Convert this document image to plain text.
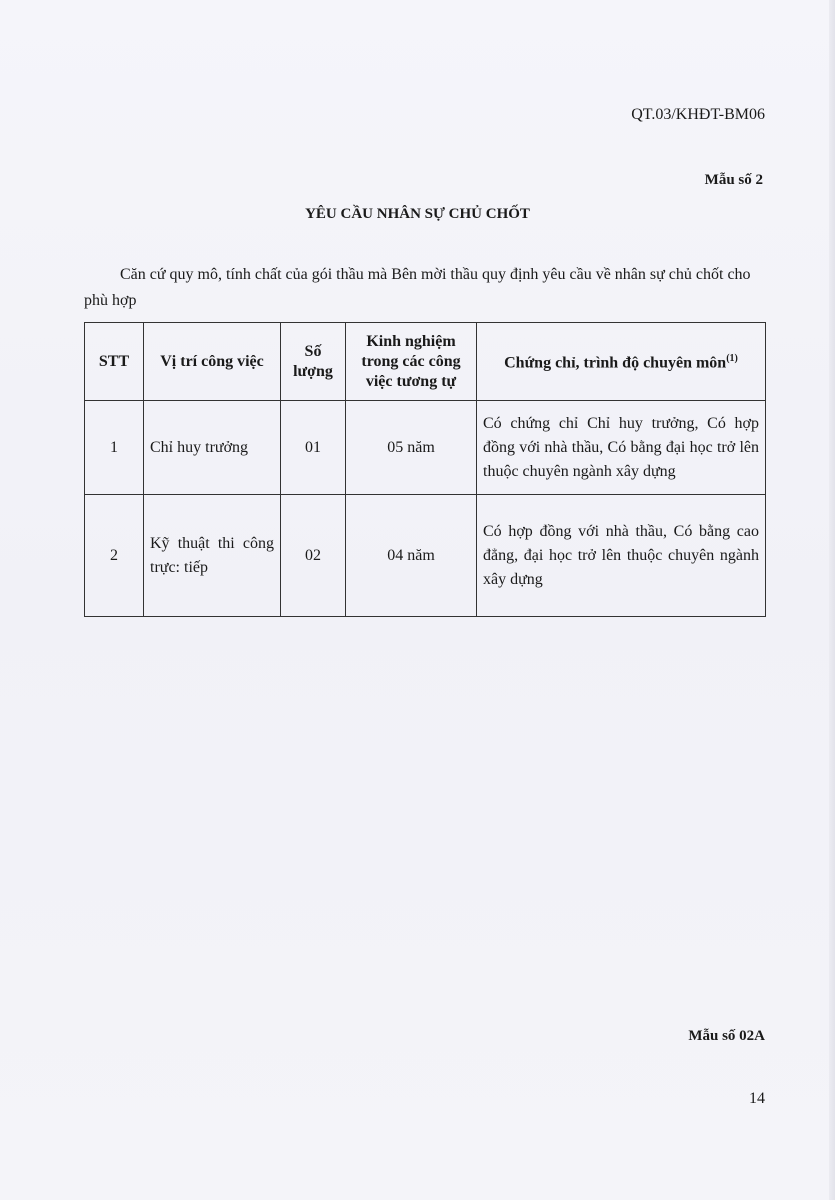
QT.03/KHĐT-BM06
Mẫu số 2
YÊU CẦU NHÂN SỰ CHỦ CHỐT
Căn cứ quy mô, tính chất của gói thầu mà Bên mời thầu quy định yêu cầu về nhân sự chủ chốt cho phù hợp
STT	Vị trí công việc	Số lượng	Kinh nghiệm trong các công việc tương tự	Chứng chỉ, trình độ chuyên môn$^{(1)}$
1	Chỉ huy trưởng	01	05 năm	Có chứng chỉ Chỉ huy trưởng, Có hợp đồng với nhà thầu, Có bằng đại học trở lên thuộc chuyên ngành xây dựng
2	Kỹ thuật thi công trực: tiếp	02	04 năm	Có hợp đồng với nhà thầu, Có bằng cao đẳng, đại học trở lên thuộc chuyên ngành xây dựng
Mẫu số 02A
14
